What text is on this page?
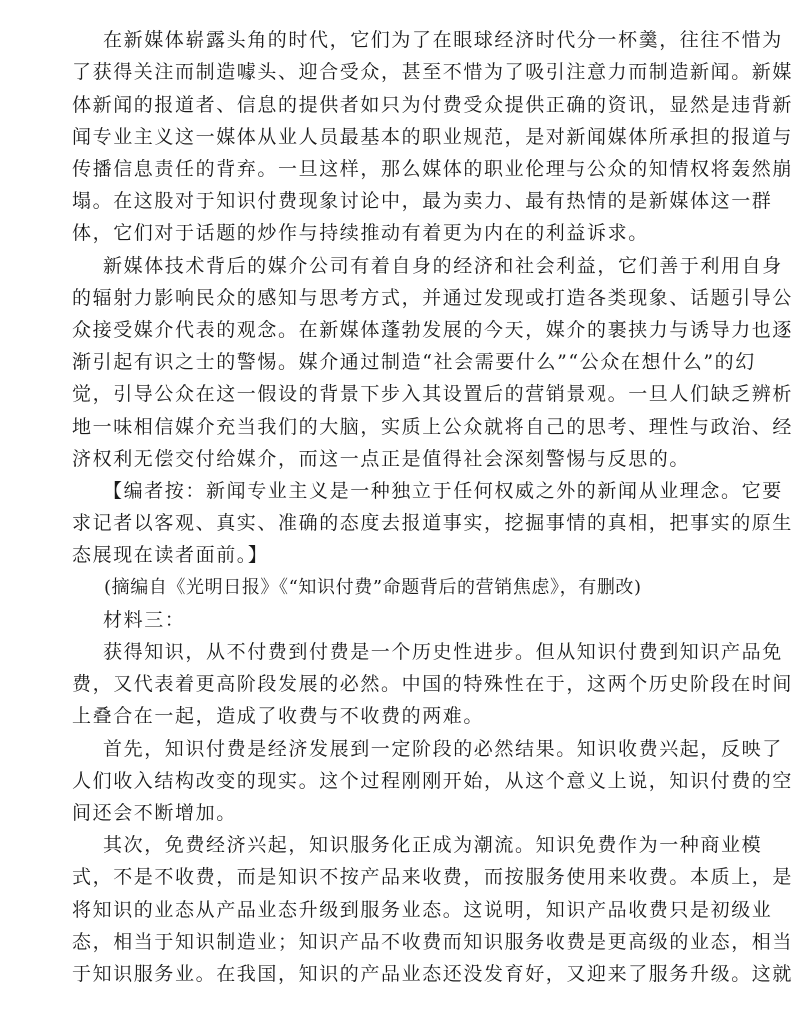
在新媒体崭露头角的时代，它们为了在眼球经济时代分一杯羹，往往不惜为
了获得关注而制造噱头、迎合受众，甚至不惜为了吸引注意力而制造新闻。新媒
体新闻的报道者、信息的提供者如只为付费受众提供正确的资讯，显然是违背新
闻专业主义这一媒体从业人员最基本的职业规范，是对新闻媒体所承担的报道与
传播信息责任的背弃。一旦这样，那么媒体的职业伦理与公众的知情权将轰然崩
塌。在这股对于知识付费现象讨论中，最为卖力、最有热情的是新媒体这一群
体，它们对于话题的炒作与持续推动有着更为内在的利益诉求。
新媒体技术背后的媒介公司有着自身的经济和社会利益，它们善于利用自身
的辐射力影响民众的感知与思考方式，并通过发现或打造各类现象、话题引导公
众接受媒介代表的观念。在新媒体蓬勃发展的今天，媒介的裹挟力与诱导力也逐
渐引起有识之士的警惕。媒介通过制造“社会需要什么”“公众在想什么”的幻
觉，引导公众在这一假设的背景下步入其设置后的营销景观。一旦人们缺乏辨析
地一味相信媒介充当我们的大脑，实质上公众就将自己的思考、理性与政治、经
济权利无偿交付给媒介，而这一点正是值得社会深刻警惕与反思的。
【编者按：新闻专业主义是一种独立于任何权威之外的新闻从业理念。它要
求记者以客观、真实、准确的态度去报道事实，挖掘事情的真相，把事实的原生
态展现在读者面前。】
(摘编自《光明日报》《“知识付费”命题背后的营销焦虑》，有删改)
材料三：
获得知识，从不付费到付费是一个历史性进步。但从知识付费到知识产品免
费，又代表着更高阶段发展的必然。中国的特殊性在于，这两个历史阶段在时间
上叠合在一起，造成了收费与不收费的两难。
首先，知识付费是经济发展到一定阶段的必然结果。知识收费兴起，反映了
人们收入结构改变的现实。这个过程刚刚开始，从这个意义上说，知识付费的空
间还会不断增加。
其次，免费经济兴起，知识服务化正成为潮流。知识免费作为一种商业模
式，不是不收费，而是知识不按产品来收费，而按服务使用来收费。本质上，是
将知识的业态从产品业态升级到服务业态。这说明，知识产品收费只是初级业
态，相当于知识制造业；知识产品不收费而知识服务收费是更高级的业态，相当
于知识服务业。在我国，知识的产品业态还没发育好，又迎来了服务升级。这就
